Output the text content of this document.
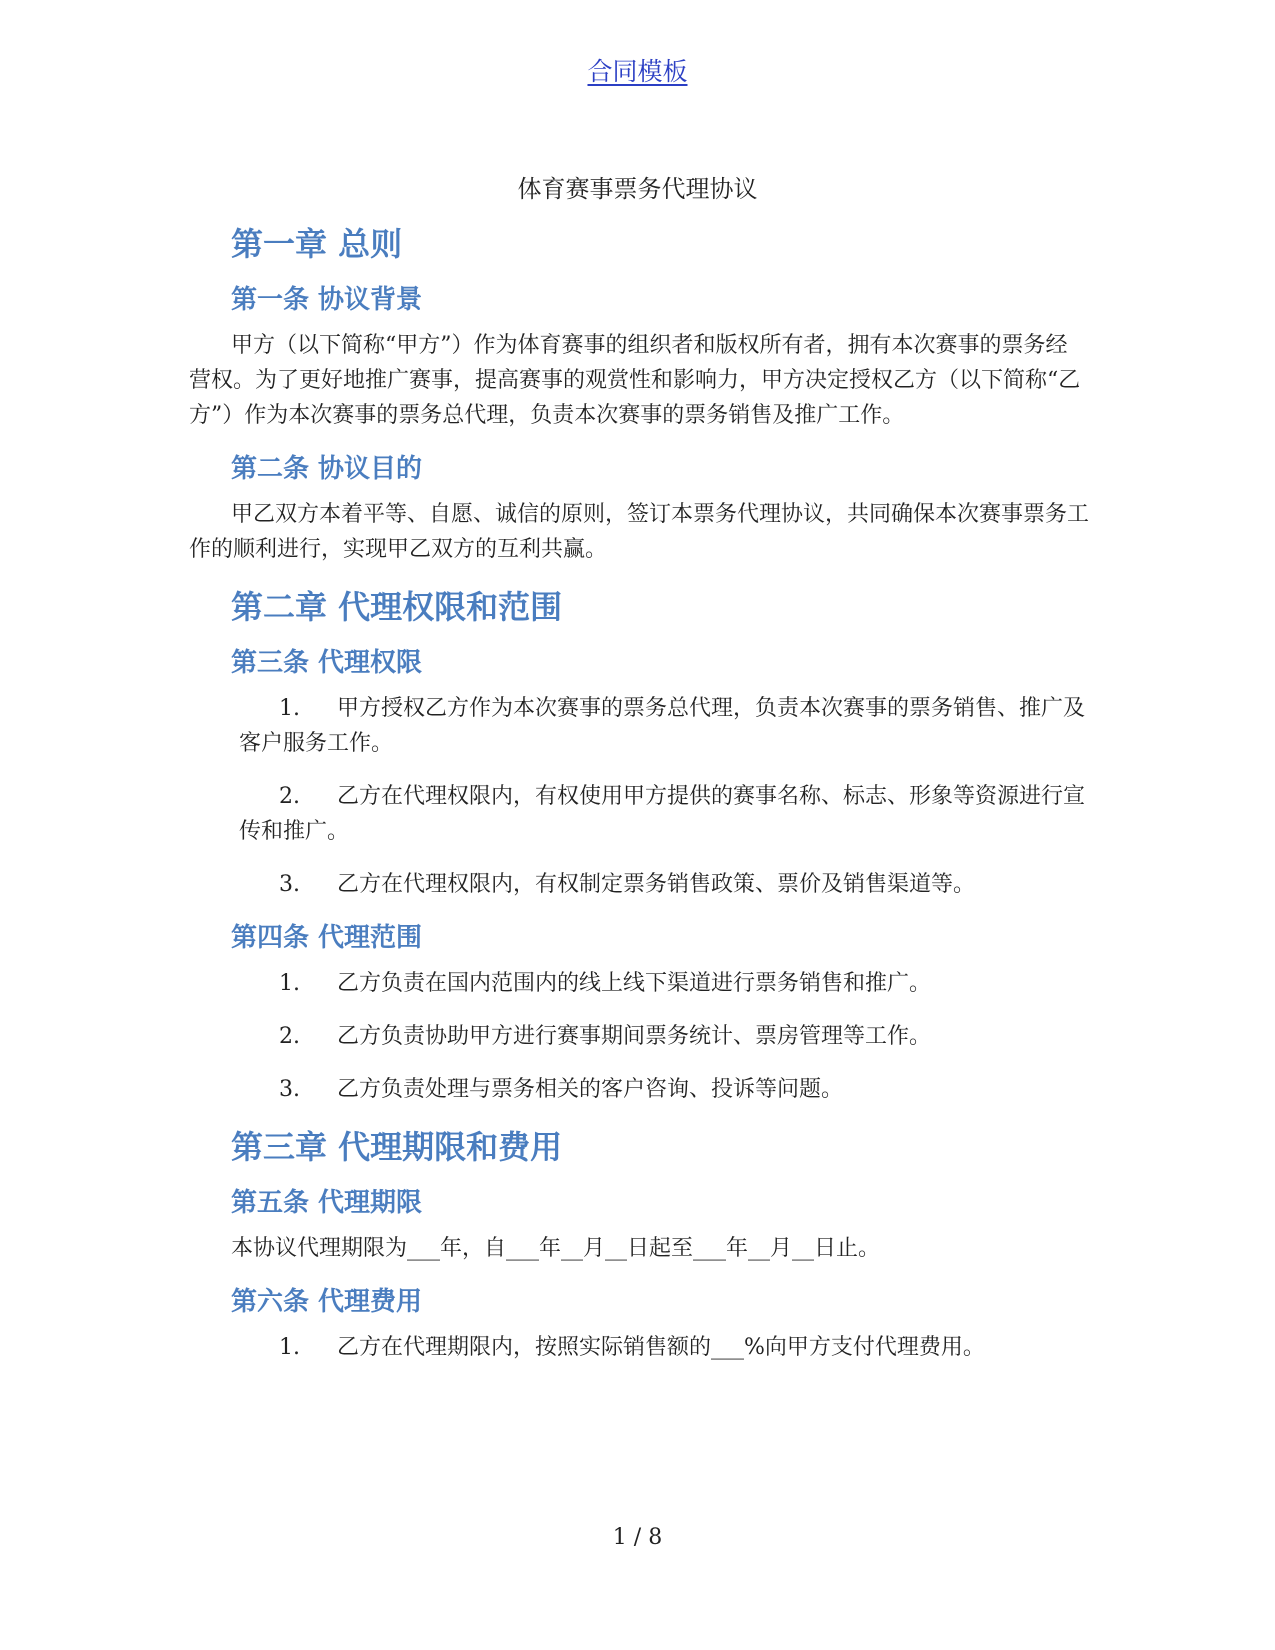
合同模板
体育赛事票务代理协议
第一章 总则
第一条 协议背景
甲方（以下简称“甲方”）作为体育赛事的组织者和版权所有者，拥有本次赛事的票务经营权。为了更好地推广赛事，提高赛事的观赏性和影响力，甲方决定授权乙方（以下简称“乙方”）作为本次赛事的票务总代理，负责本次赛事的票务销售及推广工作。
第二条 协议目的
甲乙双方本着平等、自愿、诚信的原则，签订本票务代理协议，共同确保本次赛事票务工作的顺利进行，实现甲乙双方的互利共赢。
第二章 代理权限和范围
第三条 代理权限
1. 甲方授权乙方作为本次赛事的票务总代理，负责本次赛事的票务销售、推广及客户服务工作。
2. 乙方在代理权限内，有权使用甲方提供的赛事名称、标志、形象等资源进行宣传和推广。
3. 乙方在代理权限内，有权制定票务销售政策、票价及销售渠道等。
第四条 代理范围
1. 乙方负责在国内范围内的线上线下渠道进行票务销售和推广。
2. 乙方负责协助甲方进行赛事期间票务统计、票房管理等工作。
3. 乙方负责处理与票务相关的客户咨询、投诉等问题。
第三章 代理期限和费用
第五条 代理期限
本协议代理期限为___年，自___年__月__日起至___年__月__日止。
第六条 代理费用
1. 乙方在代理期限内，按照实际销售额的___%向甲方支付代理费用。
1 / 8
